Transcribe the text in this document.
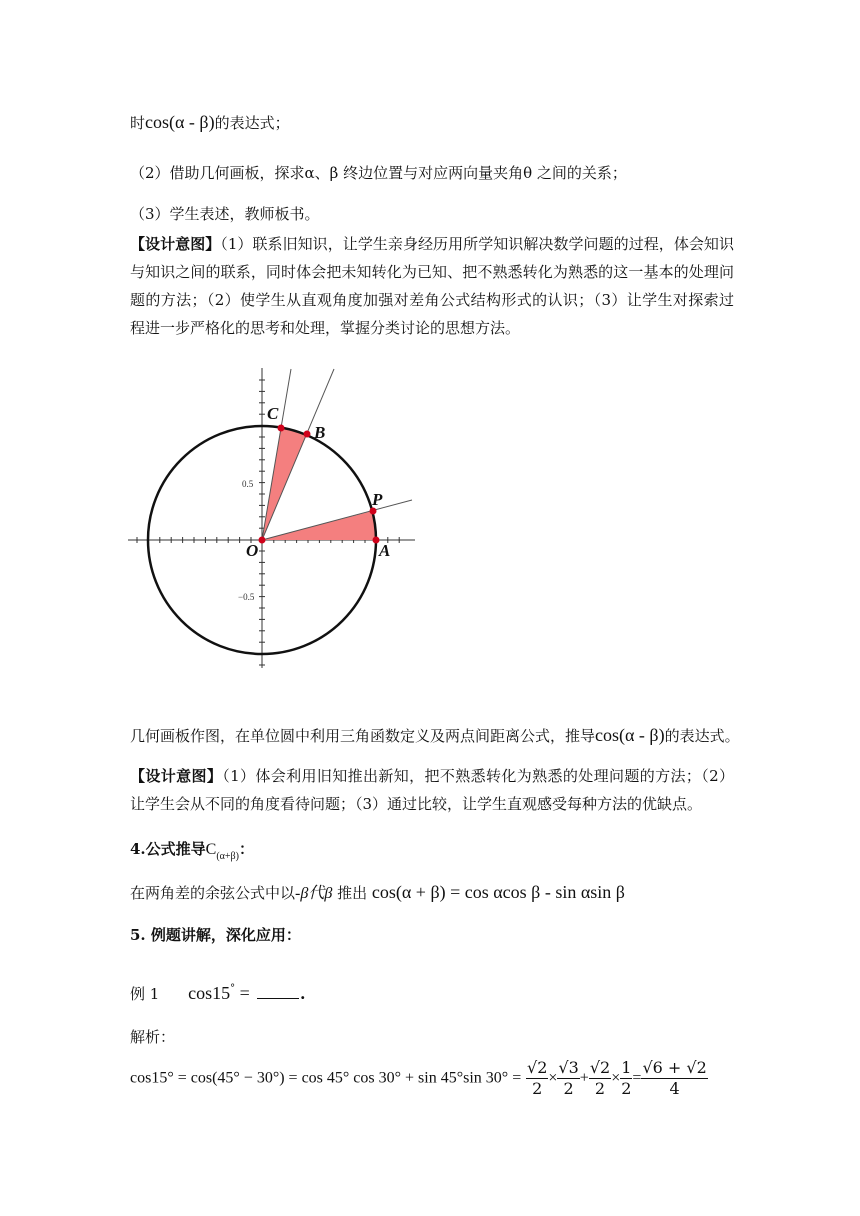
时cos(α - β)的表达式；
（2）借助几何画板，探求α、β 终边位置与对应两向量夹角θ 之间的关系；
（3）学生表述，教师板书。
【设计意图】（1）联系旧知识，让学生亲身经历用所学知识解决数学问题的过程，体会知识与知识之间的联系，同时体会把未知转化为已知、把不熟悉转化为熟悉的这一基本的处理问题的方法；（2）使学生从直观角度加强对差角公式结构形式的认识；（3）让学生对探索过程进一步严格化的思考和处理，掌握分类讨论的思想方法。
C
B
P
O	A
0.5
−0.5
几何画板作图，在单位圆中利用三角函数定义及两点间距离公式，推导cos(α - β)的表达式。
【设计意图】（1）体会利用旧知推出新知，把不熟悉转化为熟悉的处理问题的方法；（2）让学生会从不同的角度看待问题；（3）通过比较，让学生直观感受每种方法的优缺点。
4.公式推导$C_{(\alpha+\beta)}$：
在两角差的余弦公式中以-β代β 推出 cos(α + β) = cos αcos β - sin αsin β
5. 例题讲解，深化应用：
例 1 cos15° =	.
解析：
cos15° = cos(45° − 30°) = cos 45° cos 30° + sin 45°sin $30^\circ = \frac{√2}{2} \times \frac{√3}{2} + \frac{√2}{2} \times \frac{1}{2} = \frac{√6 + √2}{4}$
